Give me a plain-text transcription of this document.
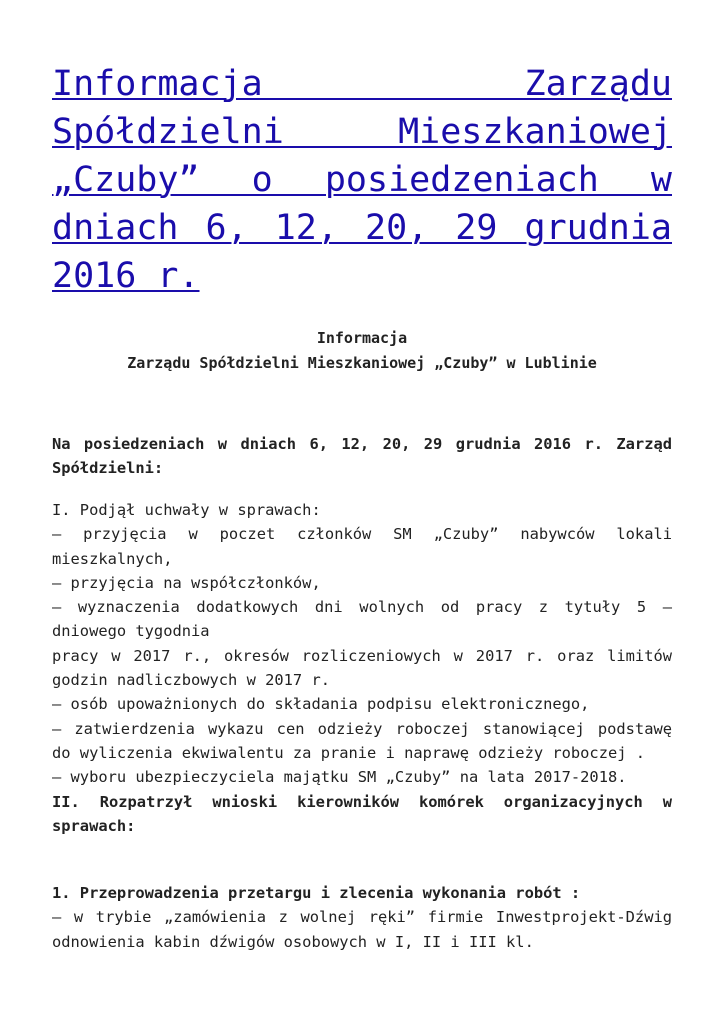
Informacja Zarządu Spółdzielni Mieszkaniowej „Czuby” o posiedzeniach w dniach 6, 12, 20, 29 grudnia 2016 r.
Informacja
Zarządu Spółdzielni Mieszkaniowej „Czuby” w Lublinie

Na posiedzeniach w dniach 6, 12, 20, 29 grudnia 2016 r. Zarząd Spółdzielni:

I. Podjął uchwały w sprawach:
– przyjęcia w poczet członków SM „Czuby” nabywców lokali mieszkalnych,
– przyjęcia na współczłonków,
– wyznaczenia dodatkowych dni wolnych od pracy z tytuły 5 – dniowego tygodnia
pracy w 2017 r., okresów rozliczeniowych w 2017 r. oraz limitów godzin nadliczbowych w 2017 r.
– osób upoważnionych do składania podpisu elektronicznego,
– zatwierdzenia wykazu cen odzieży roboczej stanowiącej podstawę do wyliczenia ekwiwalentu za pranie i naprawę odzieży roboczej .
– wyboru ubezpieczyciela majątku SM „Czuby” na lata 2017-2018.
II. Rozpatrzył wnioski kierowników komórek organizacyjnych w sprawach:
1. Przeprowadzenia przetargu i zlecenia wykonania robót :
– w trybie „zamówienia z wolnej ręki” firmie Inwestprojekt-Dźwig odnowienia kabin dźwigów osobowych w I, II i III kl.
